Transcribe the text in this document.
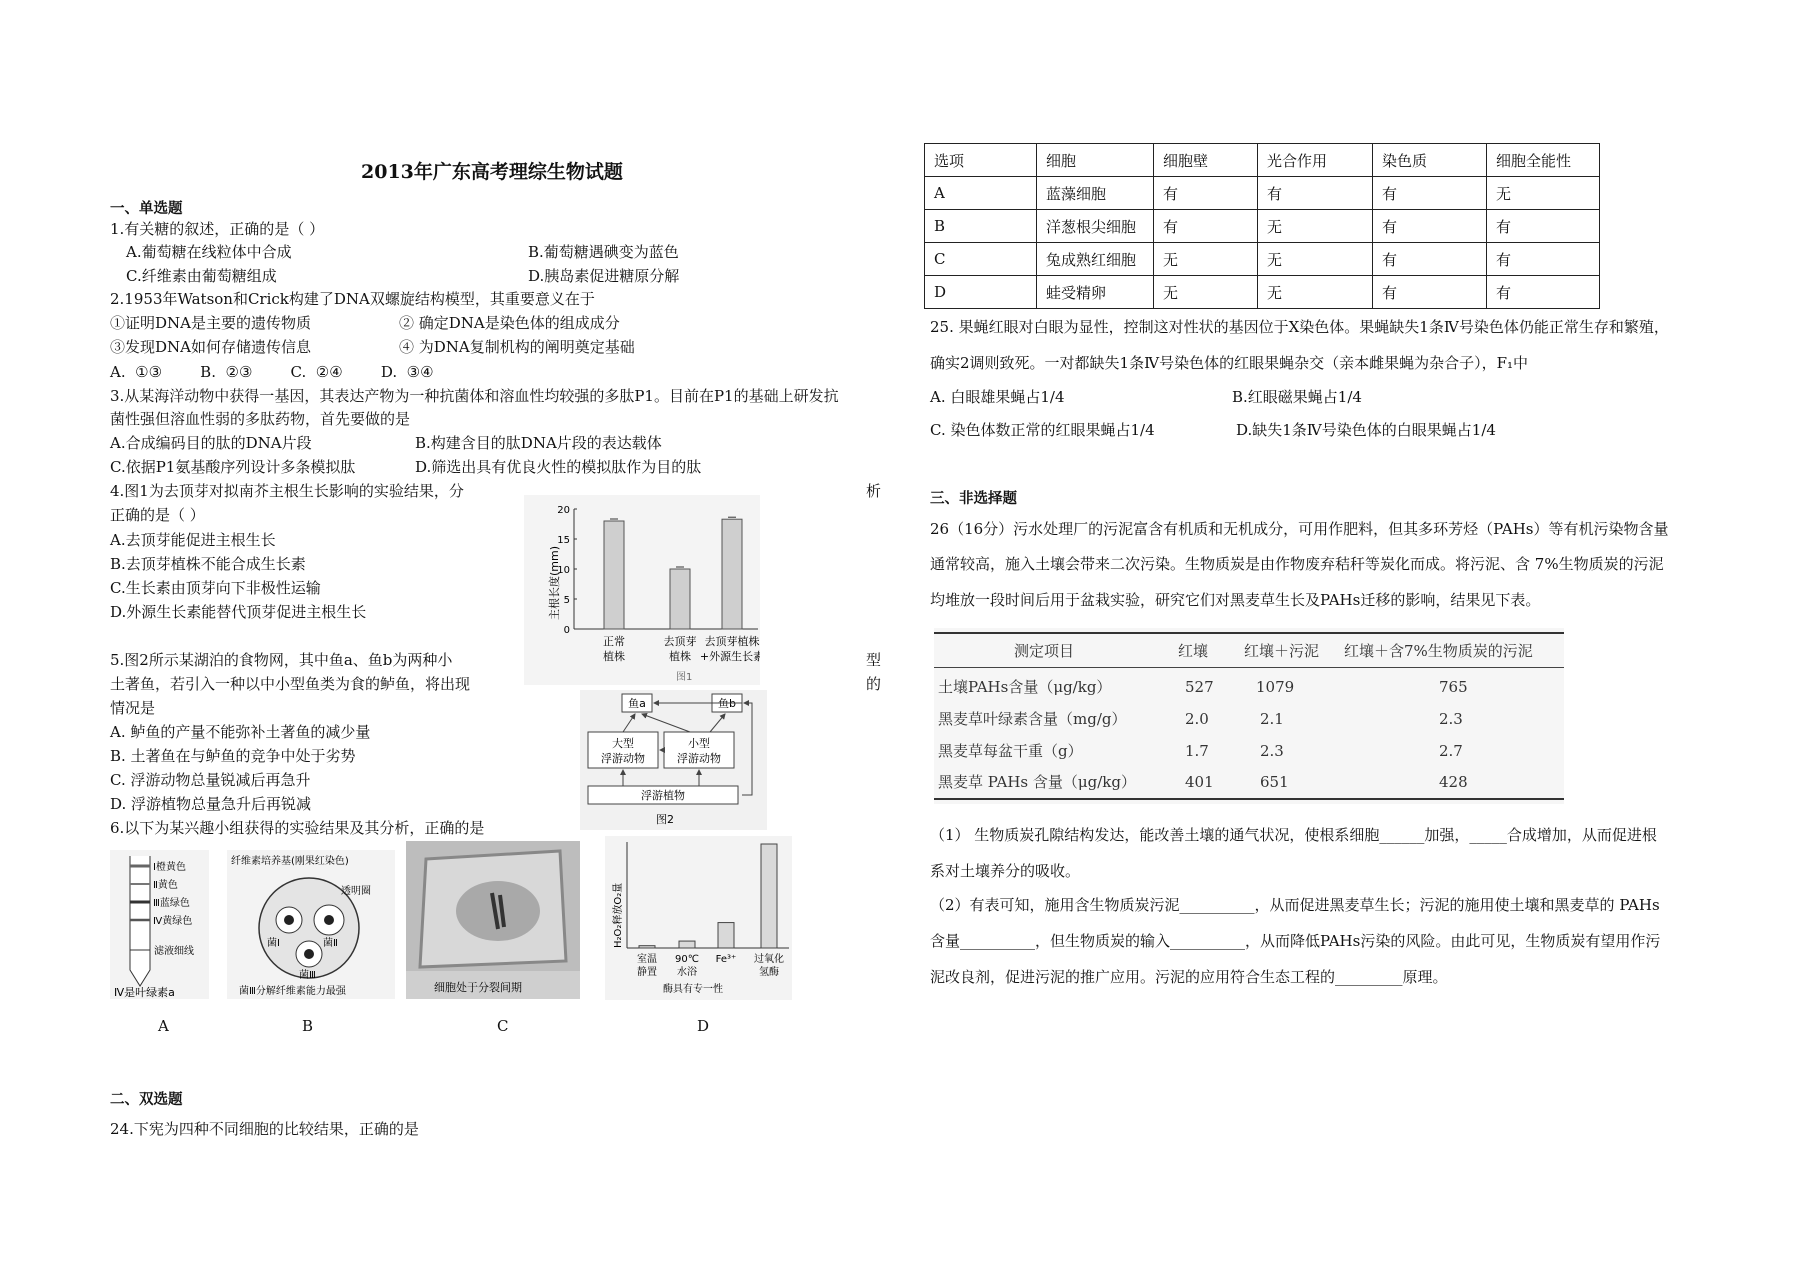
2013年广东高考理综生物试题
一、单选题
1.有关糖的叙述，正确的是（ ）
A.葡萄糖在线粒体中合成	B.葡萄糖遇碘变为蓝色
C.纤维素由葡萄糖组成	D.胰岛素促进糖原分解
2.1953年Watson和Crick构建了DNA双螺旋结构模型，其重要意义在于
①证明DNA是主要的遗传物质	② 确定DNA是染色体的组成成分
③发现DNA如何存储遗传信息	④ 为DNA复制机构的阐明奠定基础
A.  ①③        B.  ②③        C.  ②④        D.  ③④
3.从某海洋动物中获得一基因，其表达产物为一种抗菌体和溶血性均较强的多肽P1。目前在P1的基础上研发抗
菌性强但溶血性弱的多肽药物，首先要做的是
A.合成编码目的肽的DNA片段	B.构建含目的肽DNA片段的表达载体
C.依据P1氨基酸序列设计多条模拟肽	D.筛选出具有优良火性的模拟肽作为目的肽
4.图1为去顶芽对拟南芥主根生长影响的实验结果，分	析
正确的是（ ）
A.去顶芽能促进主根生长
B.去顶芽植株不能合成生长素
C.生长素由顶芽向下非极性运输
D.外源生长素能替代顶芽促进主根生长	主根长度(mm)
0
5
10
15
20
正常
植株
去顶芽
植株
去顶芽植株
+外源生长素
图1
5.图2所示某湖泊的食物网，其中鱼a、鱼b为两种小	型
土著鱼，若引入一种以中小型鱼类为食的鲈鱼，将出现	的
情况是
A. 鲈鱼的产量不能弥补土著鱼的减少量
B. 土著鱼在与鲈鱼的竞争中处于劣势
C. 浮游动物总量锐减后再急升
D. 浮游植物总量急升后再锐减
鱼a	鱼b
大型
浮游动物
小型
浮游动物
浮游植物
图2
6.以下为某兴趣小组获得的实验结果及其分析，正确的是
Ⅰ橙黄色
Ⅱ黄色
Ⅲ蓝绿色
Ⅳ黄绿色
滤液细线
Ⅳ是叶绿素a
纤维素培养基(刚果红染色)
透明圈
菌Ⅰ	菌Ⅱ
菌Ⅲ
菌Ⅲ分解纤维素能力最强	细胞处于分裂间期
H₂O₂释放O₂量
室温
静置
90℃
水浴
Fe³⁺ 过氧化
氢酶
酶具有专一性
A	B	C	D
二、双选题
24.下宪为四种不同细胞的比较结果，正确的是
选项	细胞	细胞壁	光合作用	染色质	细胞全能性
A	蓝藻细胞	有	有	有	无
B	洋葱根尖细胞	有	无	有	有
C	兔成熟红细胞	无	无	有	有
D	蛙受精卵	无	无	有	有
25. 果蝇红眼对白眼为显性，控制这对性状的基因位于X染色体。果蝇缺失1条Ⅳ号染色体仍能正常生存和繁殖，
确实2调则致死。一对都缺失1条Ⅳ号染色体的红眼果蝇杂交（亲本雌果蝇为杂合子），F₁中
A. 白眼雄果蝇占1/4	B.红眼磁果蝇占1/4
C. 染色体数正常的红眼果蝇占1/4	D.缺失1条Ⅳ号染色体的白眼果蝇占1/4
三、非选择题
26（16分）污水处理厂的污泥富含有机质和无机成分，可用作肥料，但其多环芳烃（PAHs）等有机污染物含量
通常较高，施入土壤会带来二次污染。生物质炭是由作物废弃秸秆等炭化而成。将污泥、含 7%生物质炭的污泥
均堆放一段时间后用于盆栽实验，研究它们对黑麦草生长及PAHs迁移的影响，结果见下表。
测定项目	红壤 红壤＋污泥 红壤＋含7%生物质炭的污泥
土壤PAHs含量（μg/kg）	527	1079	765
黑麦草叶绿素含量（mg/g）	2.0	2.1	2.3
黑麦草每盆干重（g）	1.7	2.3	2.7
黑麦草 PAHs 含量（μg/kg）	401	651	428
（1） 生物质炭孔隙结构发达，能改善土壤的通气状况，使根系细胞______加强，_____合成增加，从而促进根
系对土壤养分的吸收。
（2）有表可知，施用含生物质炭污泥__________，从而促进黑麦草生长；污泥的施用使土壤和黑麦草的 PAHs
含量__________，但生物质炭的输入__________，从而降低PAHs污染的风险。由此可见，生物质炭有望用作污
泥改良剂，促进污泥的推广应用。污泥的应用符合生态工程的_________原理。
